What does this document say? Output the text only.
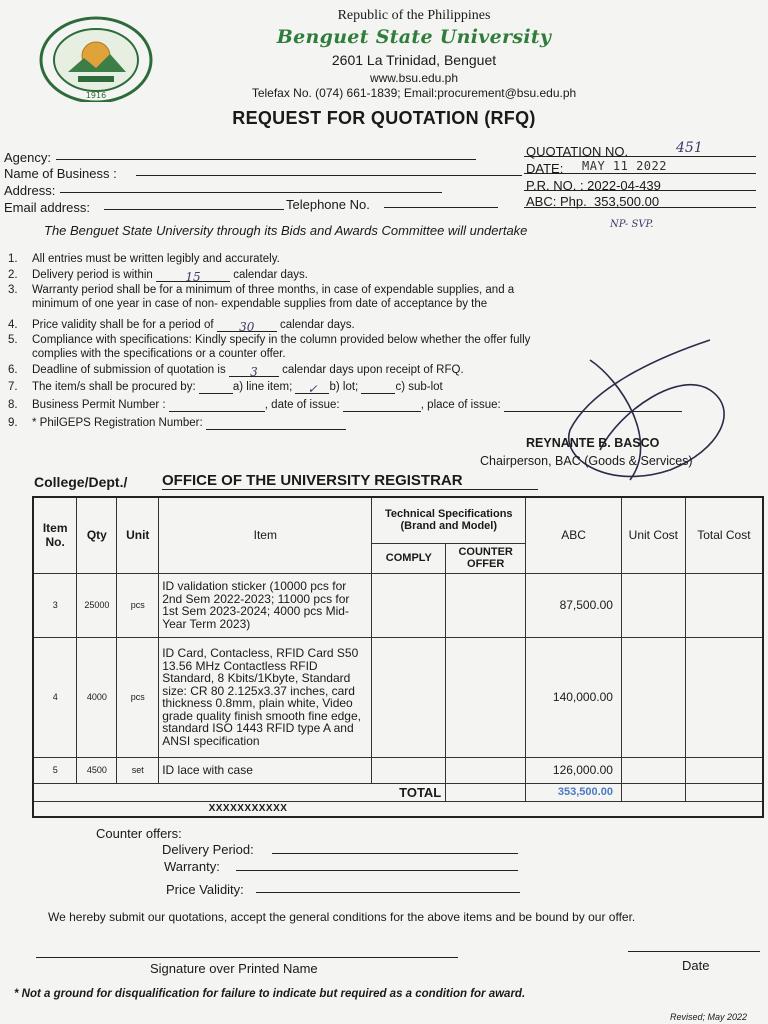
1916
Republic of the Philippines
Benguet State University
2601 La Trinidad, Benguet
www.bsu.edu.ph
Telefax No. (074) 661-1839; Email:procurement@bsu.edu.ph
REQUEST FOR QUOTATION (RFQ)
Agency:
Name of Business :
Address:
Email address:	Telephone No.
QUOTATION NO.	451
DATE: MAY 11 2022
P.R. NO. : 2022-04-439
ABC: Php. 353,500.00
NP- SVP.
The Benguet State University through its Bids and Awards Committee will undertake
1. All entries must be written legibly and accurately.
2. Delivery period is within	15	calendar days.
3. Warranty period shall be for a minimum of three months, in case of expendable supplies, and a
minimum of one year in case of non- expendable supplies from date of acceptance by the
4. Price validity shall be for a period of 30 calendar days.
5. Compliance with specifications: Kindly specify in the column provided below whether the offer fully
complies with the specifications or a counter offer.
6. Deadline of submission of quotation is 3 calendar days upon receipt of RFQ.
7. The item/s shall be procured by:	a) line item; ✓ b) lot;	c) sub-lot
8. Business Permit Number :	, date of issue:	, place of issue:
9. * PhilGEPS Registration Number:
REYNANTE B. BASCO
Chairperson, BAC (Goods & Services)
College/Dept./ OFFICE OF THE UNIVERSITY REGISTRAR
Item No.	Qty	Unit	Item	Technical Specifications (Brand and Model)		ABC	Unit Cost	Total Cost
				COMPLY	COUNTER OFFER			
3	25000	pcs	ID validation sticker (10000 pcs for 2nd Sem 2022-2023; 11000 pcs for 1st Sem 2023-2024; 4000 pcs Mid-Year Term 2023)			87,500.00		
4	4000	pcs	ID Card, Contacless, RFID Card S50 13.56 MHz Contactless RFID Standard, 8 Kbits/1Kbyte, Standard size: CR 80 2.125x3.37 inches, card thickness 0.8mm, plain white, Video grade quality finish smooth fine edge, standard ISO 1443 RFID type A and ANSI specification			140,000.00		
5	4500	set	ID lace with case			126,000.00		
TOTAL						353,500.00		
XXXXXXXXXXX								
Counter offers:
Delivery Period:
Warranty:
Price Validity:
We hereby submit our quotations, accept the general conditions for the above items and be bound by our offer.
Signature over Printed Name	Date
* Not a ground for disqualification for failure to indicate but required as a condition for award.
Revised; May 2022
